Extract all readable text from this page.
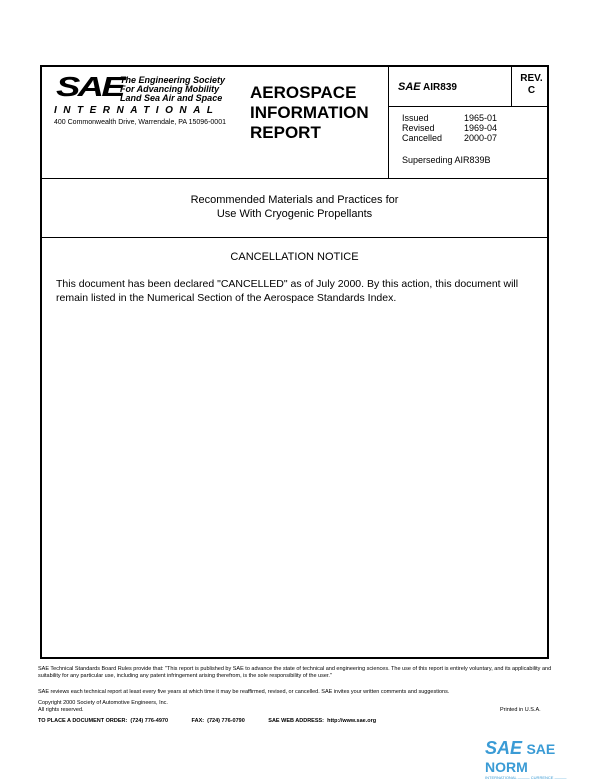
SAE
The Engineering Society
For Advancing Mobility
Land Sea Air and Space
INTERNATIONAL
400 Commonwealth Drive, Warrendale, PA 15096-0001
AEROSPACE
INFORMATION
REPORT
SAE AIR839
REV.
C
Issued	1965-01
Revised	1969-04
Cancelled 2000-07
Superseding AIR839B
Recommended Materials and Practices for
Use With Cryogenic Propellants
CANCELLATION NOTICE
This document has been declared "CANCELLED" as of July 2000. By this action, this document will remain listed in the Numerical Section of the Aerospace Standards Index.
SAE Technical Standards Board Rules provide that: "This report is published by SAE to advance the state of technical and engineering sciences. The use of this report is entirely voluntary, and its applicability and suitability for any particular use, including any patent infringement arising therefrom, is the sole responsibility of the user."
SAE reviews each technical report at least every five years at which time it may be reaffirmed, revised, or cancelled. SAE invites your written comments and suggestions.
Copyright 2000 Society of Automotive Engineers, Inc.
All rights reserved.	Printed in U.S.A.
TO PLACE A DOCUMENT ORDER: (724) 776-4970	FAX: (724) 776-0790	SAE WEB ADDRESS: http://www.sae.org
SAE SAE NORM
INTERNATIONAL ——— CURRENCE ———
